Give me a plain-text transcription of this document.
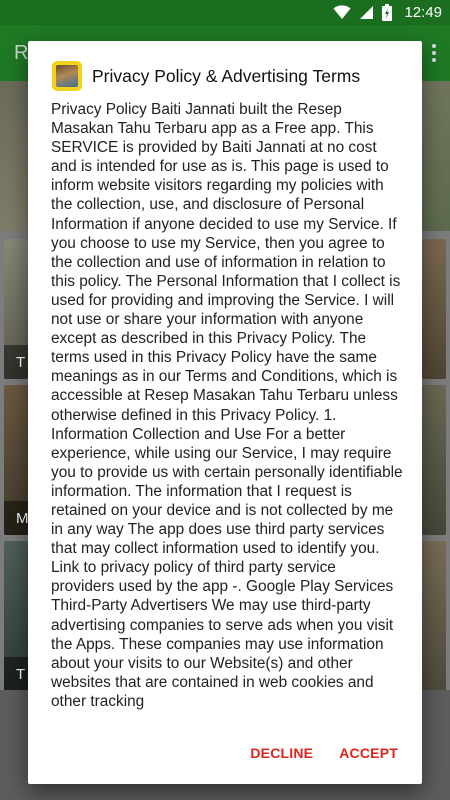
12:49
R
T
M
T
Privacy Policy & Advertising Terms
Privacy Policy Baiti Jannati built the Resep Masakan Tahu Terbaru app as a Free app. This SERVICE is provided by Baiti Jannati at no cost and is intended for use as is. This page is used to inform website visitors regarding my policies with the collection, use, and disclosure of Personal Information if anyone decided to use my Service. If you choose to use my Service, then you agree to the collection and use of information in relation to this policy. The Personal Information that I collect is used for providing and improving the Service. I will not use or share your information with anyone except as described in this Privacy Policy. The terms used in this Privacy Policy have the same meanings as in our Terms and Conditions, which is accessible at Resep Masakan Tahu Terbaru unless otherwise defined in this Privacy Policy. 1. Information Collection and Use For a better experience, while using our Service, I may require you to provide us with certain personally identifiable information. The information that I request is retained on your device and is not collected by me in any way The app does use third party services that may collect information used to identify you. Link to privacy policy of third party service providers used by the app -. Google Play Services Third-Party Advertisers We may use third-party advertising companies to serve ads when you visit the Apps. These companies may use information about your visits to our Website(s) and other websites that are contained in web cookies and other tracking
DECLINE	ACCEPT
